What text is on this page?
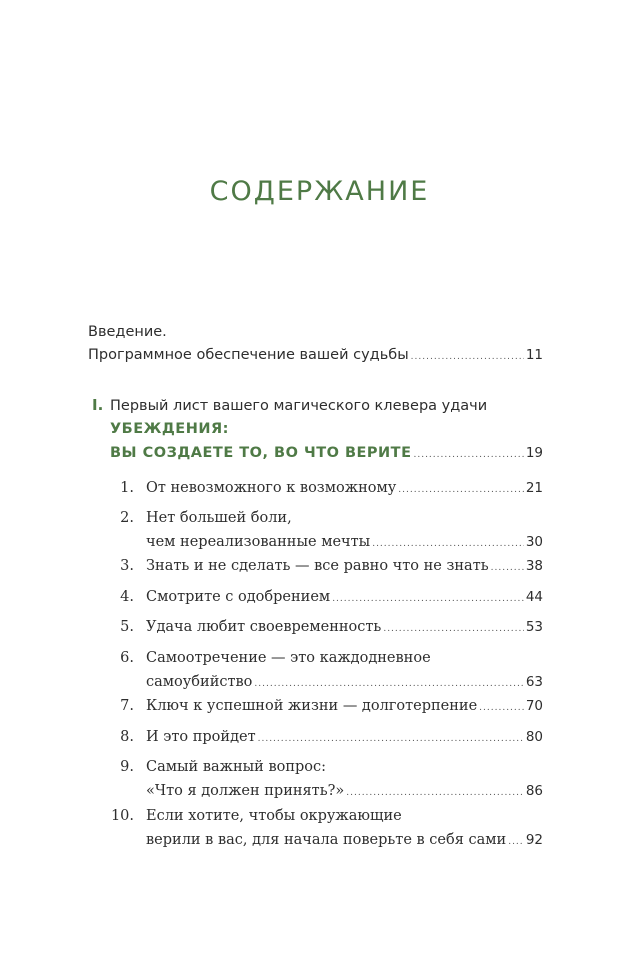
СОДЕРЖАНИЕ
Введение.
Программное обеспечение вашей судьбы .....	11
I. Первый лист вашего магического клевера удачи
УБЕЖДЕНИЯ:
ВЫ СОЗДАЕТЕ ТО, ВО ЧТО ВЕРИТЕ .....	19
1. От невозможного к возможному .....	21
2. Нет большей боли,
чем нереализованные мечты .....	30
3. Знать и не сделать — все равно что не знать .....	38
4. Смотрите с одобрением .....	44
5. Удача любит своевременность .....	53
6. Самоотречение — это каждодневное
самоубийство .....	63
7. Ключ к успешной жизни — долготерпение .....	70
8. И это пройдет .....	80
9. Самый важный вопрос:
«Что я должен принять?» .....	86
10. Если хотите, чтобы окружающие
верили в вас, для начала поверьте в себя сами ..... 92
